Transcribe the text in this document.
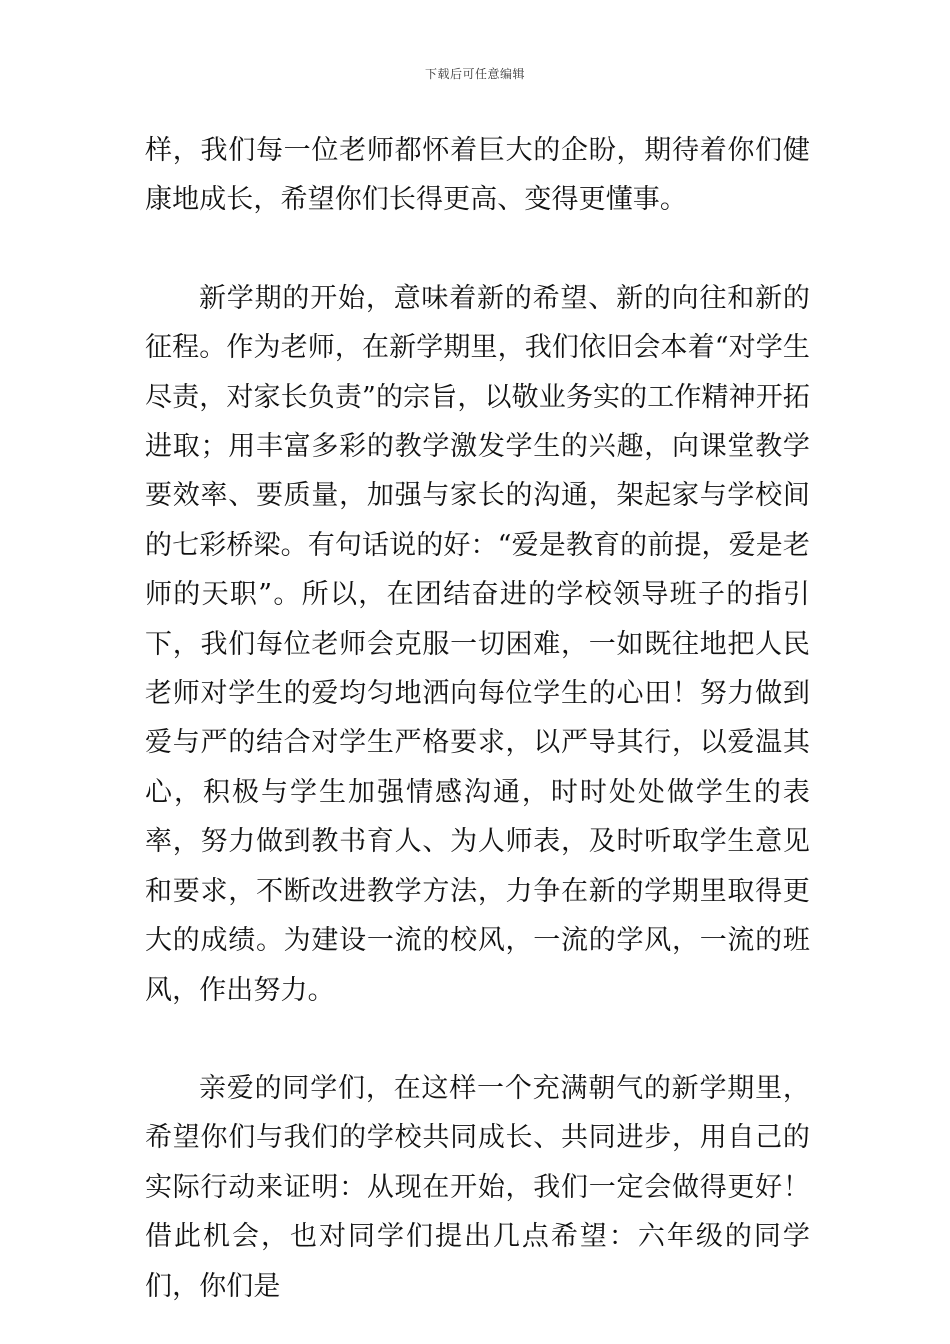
下载后可任意编辑

样，我们每一位老师都怀着巨大的企盼，期待着你们健康地成长，希望你们长得更高、变得更懂事。

新学期的开始，意味着新的希望、新的向往和新的征程。作为老师，在新学期里，我们依旧会本着“对学生尽责，对家长负责”的宗旨，以敬业务实的工作精神开拓进取；用丰富多彩的教学激发学生的兴趣，向课堂教学要效率、要质量，加强与家长的沟通，架起家与学校间的七彩桥梁。有句话说的好：“爱是教育的前提，爱是老师的天职”。所以，在团结奋进的学校领导班子的指引下，我们每位老师会克服一切困难，一如既往地把人民老师对学生的爱均匀地洒向每位学生的心田！努力做到爱与严的结合对学生严格要求，以严导其行，以爱温其心，积极与学生加强情感沟通，时时处处做学生的表率，努力做到教书育人、为人师表，及时听取学生意见和要求，不断改进教学方法，力争在新的学期里取得更大的成绩。为建设一流的校风，一流的学风，一流的班风，作出努力。

亲爱的同学们，在这样一个充满朝气的新学期里，希望你们与我们的学校共同成长、共同进步，用自己的实际行动来证明：从现在开始，我们一定会做得更好！借此机会，也对同学们提出几点希望：六年级的同学们，你们是
